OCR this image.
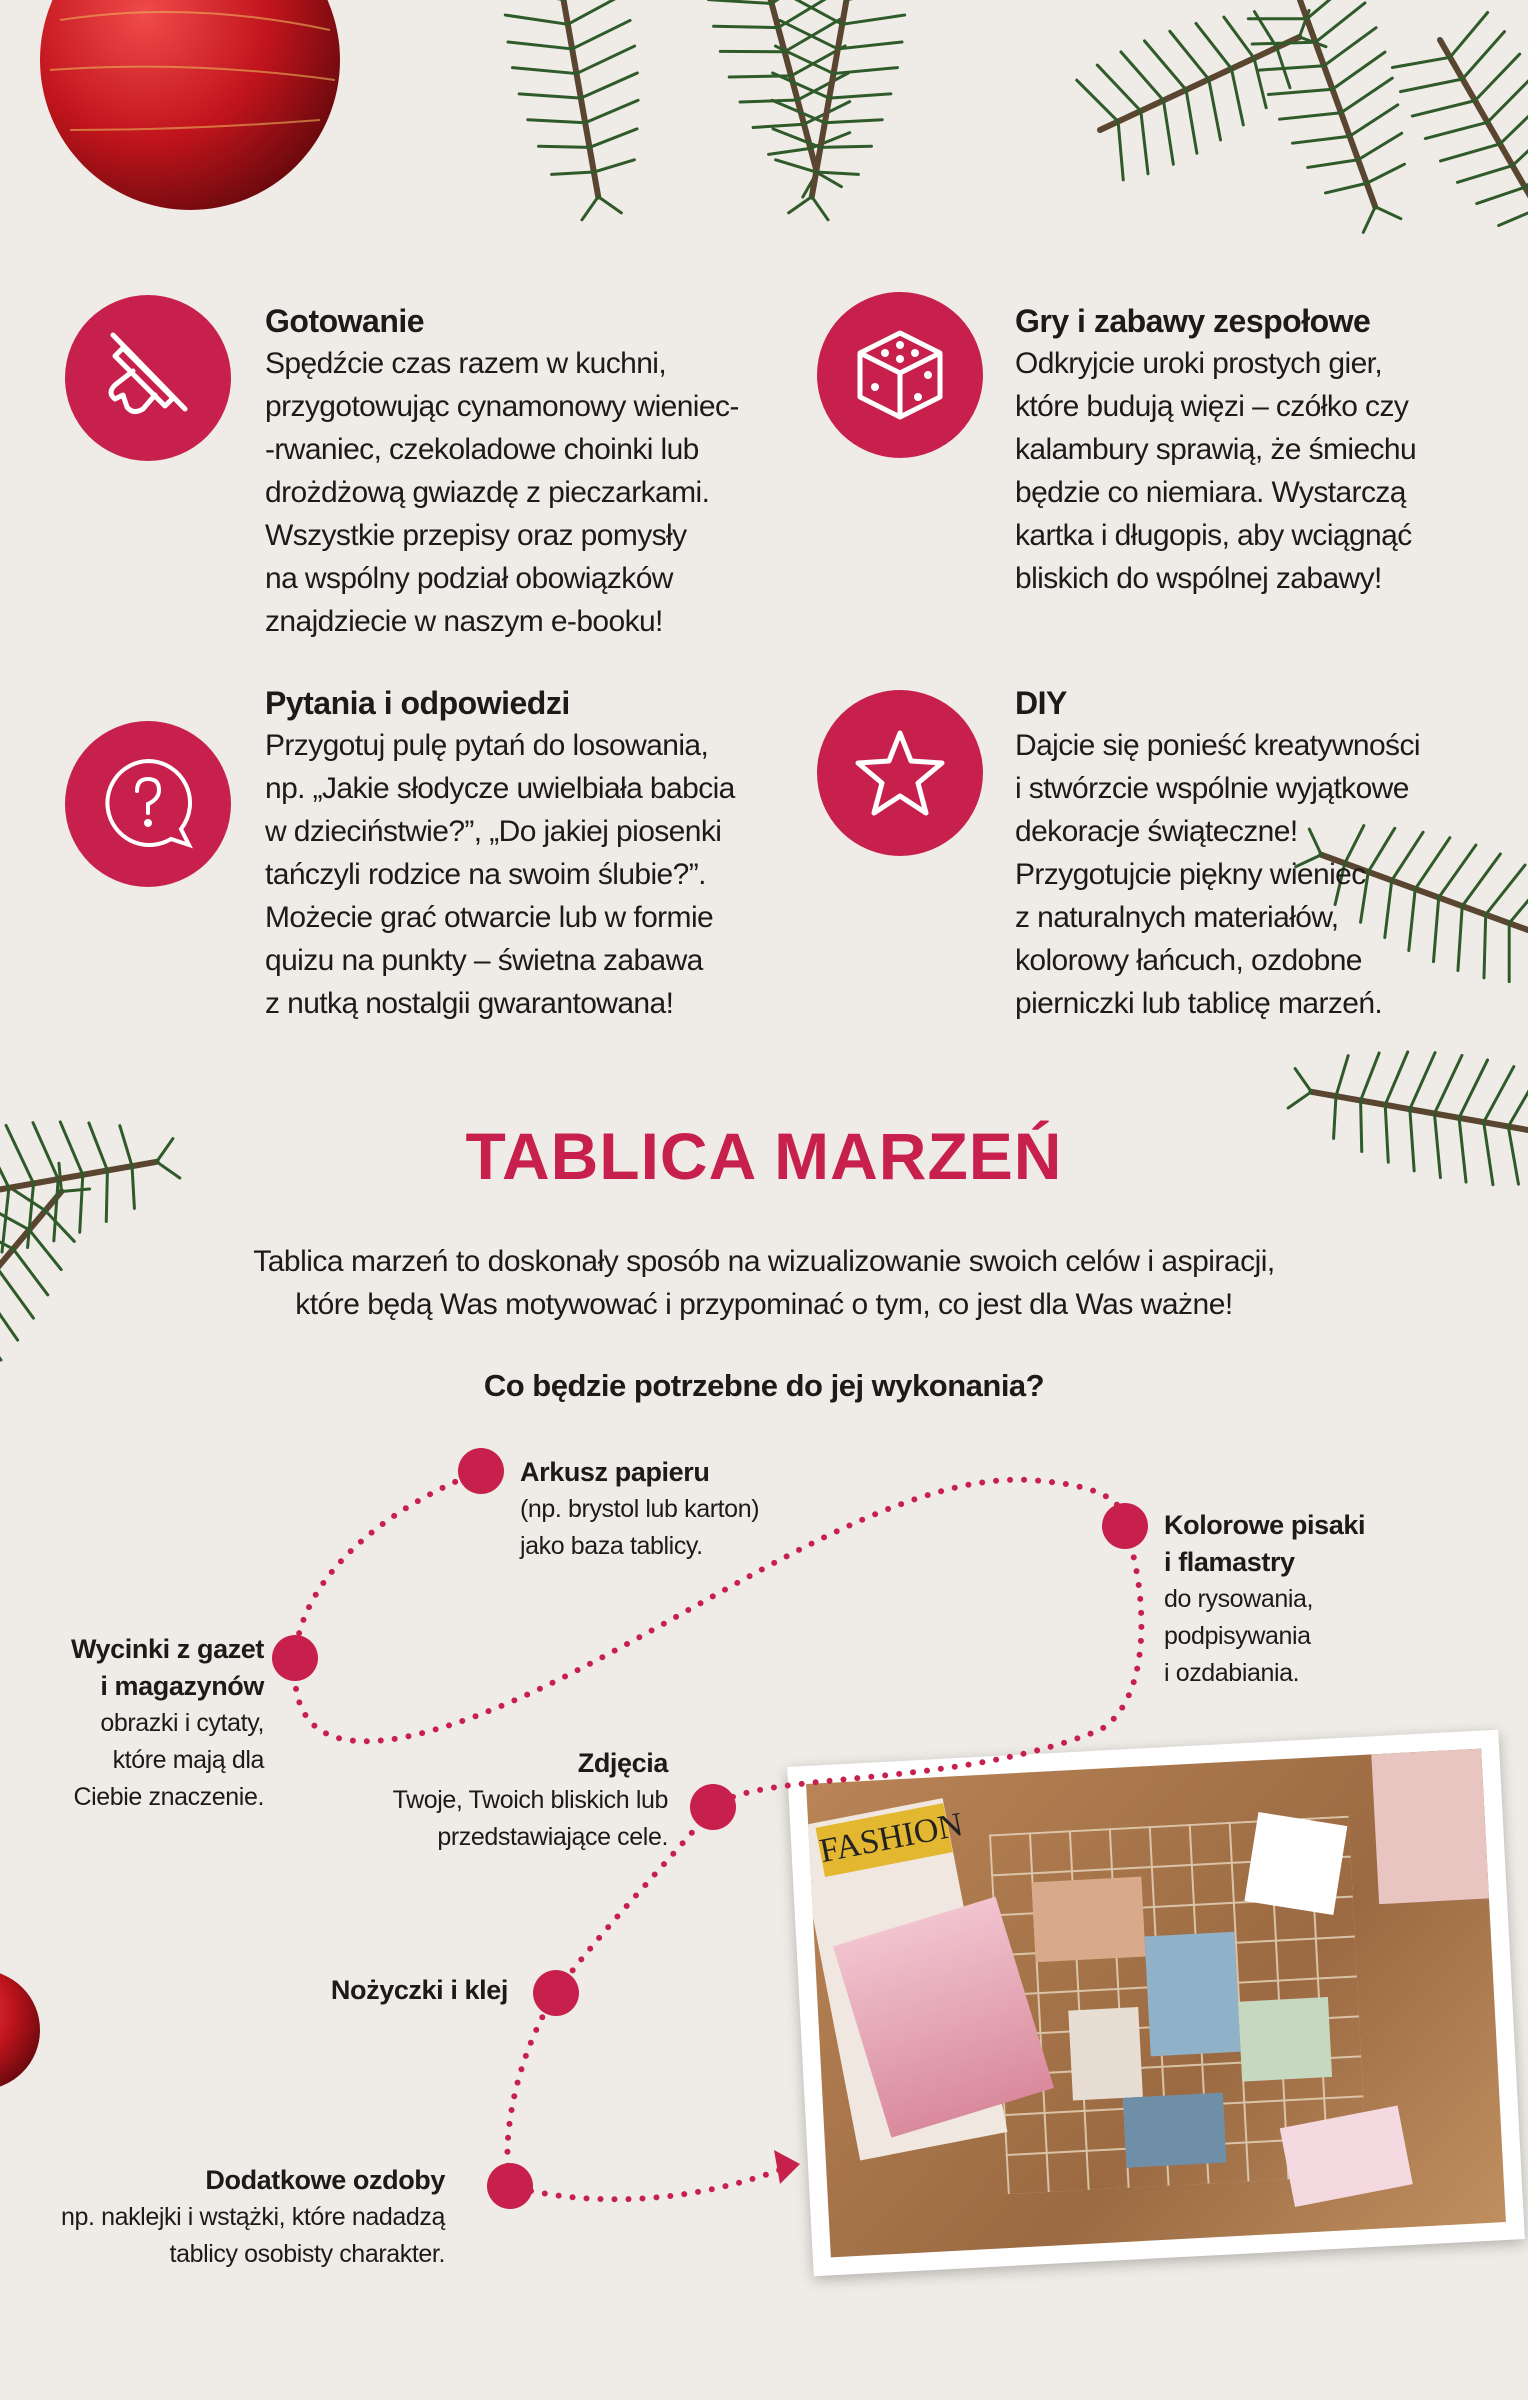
Gotowanie
Spędźcie czas razem w kuchni,
przygotowując cynamonowy wieniec-
-rwaniec, czekoladowe choinki lub
drożdżową gwiazdę z pieczarkami.
Wszystkie przepisy oraz pomysły
na wspólny podział obowiązków
znajdziecie w naszym e-booku!
Gry i zabawy zespołowe
Odkryjcie uroki prostych gier,
które budują więzi – czółko czy
kalambury sprawią, że śmiechu
będzie co niemiara. Wystarczą
kartka i długopis, aby wciągnąć
bliskich do wspólnej zabawy!
Pytania i odpowiedzi
Przygotuj pulę pytań do losowania,
np. „Jakie słodycze uwielbiała babcia
w dzieciństwie?”, „Do jakiej piosenki
tańczyli rodzice na swoim ślubie?”.
Możecie grać otwarcie lub w formie
quizu na punkty – świetna zabawa
z nutką nostalgii gwarantowana!
DIY
Dajcie się ponieść kreatywności
i stwórzcie wspólnie wyjątkowe
dekoracje świąteczne!
Przygotujcie piękny wieniec
z naturalnych materiałów,
kolorowy łańcuch, ozdobne
pierniczki lub tablicę marzeń.
TABLICA MARZEŃ
Tablica marzeń to doskonały sposób na wizualizowanie swoich celów i aspiracji,
które będą Was motywować i przypominać o tym, co jest dla Was ważne!
Co będzie potrzebne do jej wykonania?
FASHION
Arkusz papieru
(np. brystol lub karton)
jako baza tablicy.
Kolorowe pisaki
i flamastry
do rysowania,
podpisywania
i ozdabiania.
Wycinki z gazet
i magazynów
obrazki i cytaty,
które mają dla
Ciebie znaczenie.
Zdjęcia
Twoje, Twoich bliskich lub
przedstawiające cele.
Nożyczki i klej
Dodatkowe ozdoby
np. naklejki i wstążki, które nadadzą
tablicy osobisty charakter.
